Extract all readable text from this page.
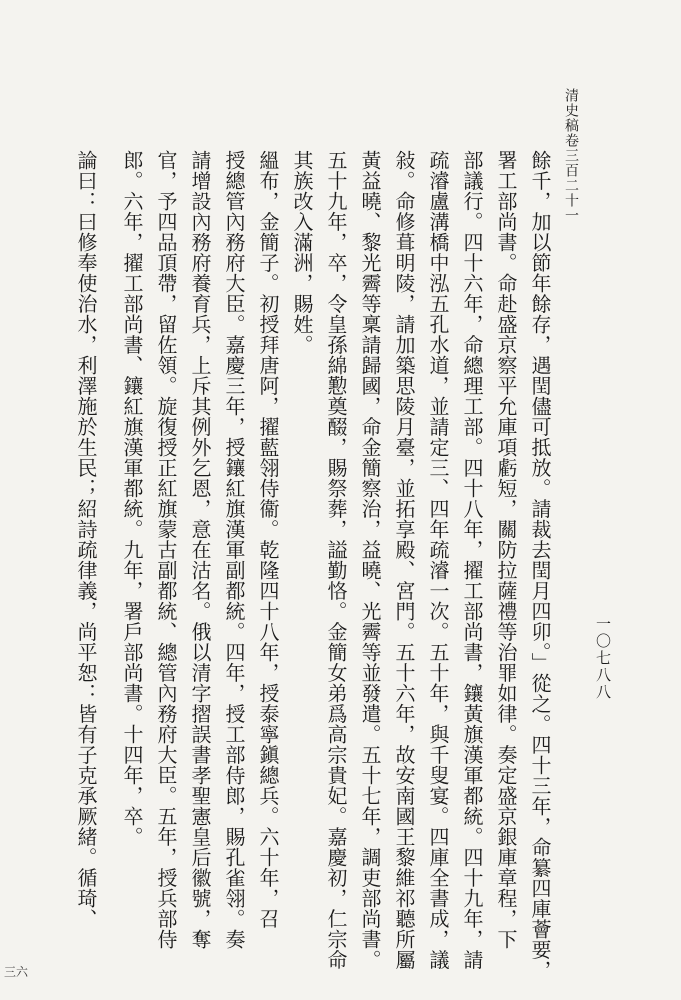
清史稿卷三百二十一
一〇七八八
三六	餘千，加以節年餘存，遇閏儘可抵放。請裁去閏月四卯。」從之。四十三年，命纂四庫薈要，

署工部尚書。命赴盛京察平允庫項虧短，關防拉薩禮等治罪如律。奏定盛京銀庫章程，下

部議行。四十六年，命總理工部。四十八年，擢工部尚書，鑲黃旗漢軍都統。四十九年，請

疏濬盧溝橋中泓五孔水道，並請定三、四年疏濬一次。五十年，與千叟宴。四庫全書成，議

敍。命修葺明陵，請加築思陵月臺，並拓享殿、宮門。五十六年，故安南國王黎維祁聽所屬

黃益曉、黎光霽等稟請歸國，命金簡察治，益曉、光霽等並發遣。五十七年，調吏部尚書。

五十九年，卒，令皇孫綿懃奠醊，賜祭葬，謚勤恪。金簡女弟爲高宗貴妃。嘉慶初，仁宗命

其族改入滿洲，賜姓。

縕布，金簡子。初授拜唐阿，擢藍翎侍衞。乾隆四十八年，授泰寧鎭總兵。六十年，召

授總管內務府大臣。嘉慶三年，授鑲紅旗漢軍副都統。四年，授工部侍郎，賜孔雀翎。奏

請增設內務府養育兵，上斥其例外乞恩，意在沽名。俄以清字摺誤書孝聖憲皇后徽號，奪

官，予四品頂帶，留佐領。旋復授正紅旗蒙古副都統、總管內務府大臣。五年，授兵部侍

郎。六年，擢工部尚書、鑲紅旗漢軍都統。九年，署戶部尚書。十四年，卒。

論曰：曰修奉使治水，利澤施於生民；紹詩疏律義，尚平恕：皆有子克承厥緒。循琦、
